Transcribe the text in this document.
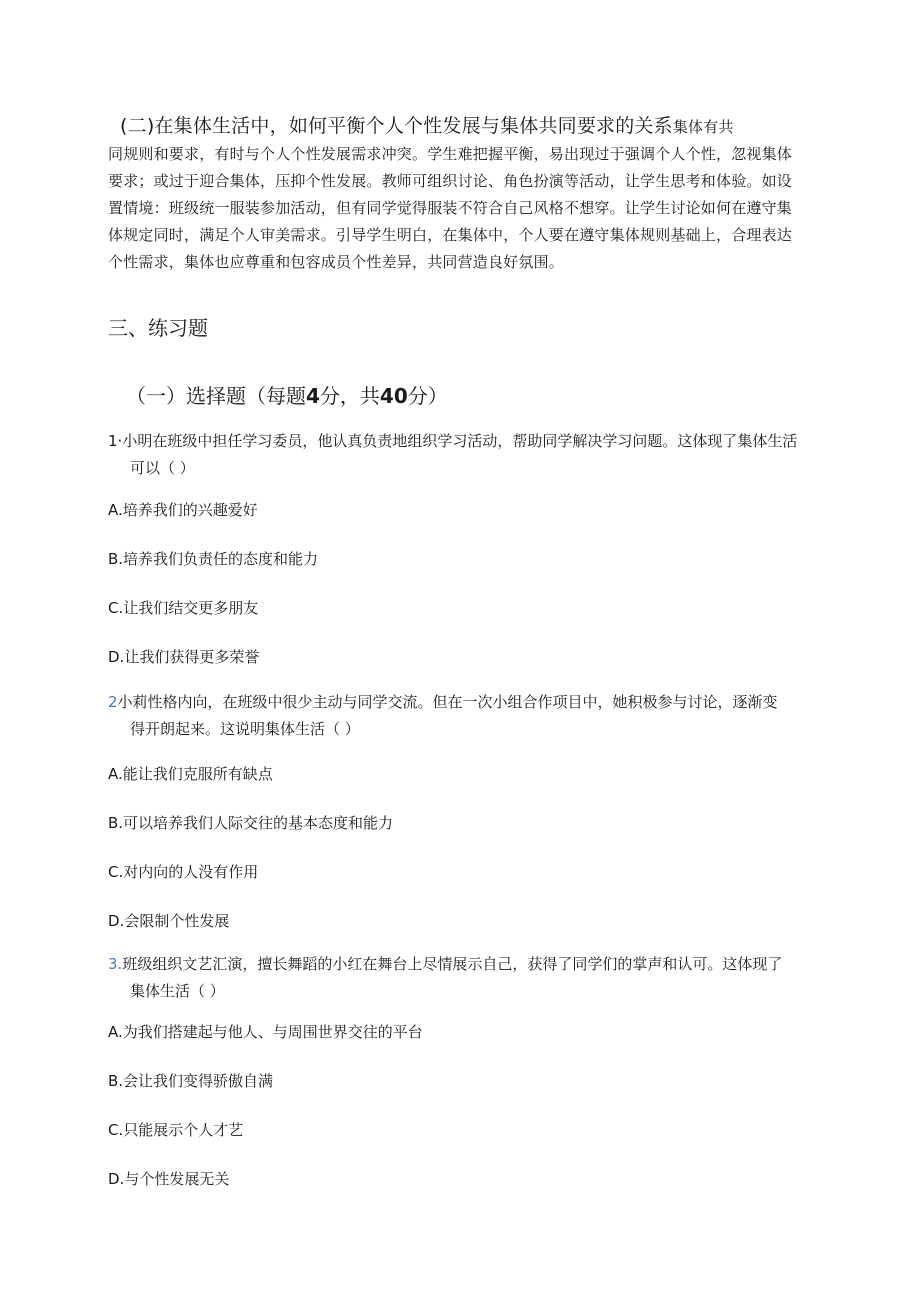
(二)在集体生活中，如何平衡个人个性发展与集体共同要求的关系集体有共
同规则和要求，有时与个人个性发展需求冲突。学生难把握平衡，易出现过于强调个人个性，忽视集体
要求；或过于迎合集体，压抑个性发展。教师可组织讨论、角色扮演等活动，让学生思考和体验。如设
置情境：班级统一服装参加活动，但有同学觉得服装不符合自己风格不想穿。让学生讨论如何在遵守集
体规定同时，满足个人审美需求。引导学生明白，在集体中，个人要在遵守集体规则基础上，合理表达
个性需求，集体也应尊重和包容成员个性差异，共同营造良好氛围。

三、练习题
（一）选择题（每题4分，共40分）

1·小明在班级中担任学习委员，他认真负责地组织学习活动，帮助同学解决学习问题。这体现了集体生活
可以（ ）

A.培养我们的兴趣爱好

B.培养我们负责任的态度和能力

C.让我们结交更多朋友

D.让我们获得更多荣誉

2小莉性格内向，在班级中很少主动与同学交流。但在一次小组合作项目中，她积极参与讨论，逐渐变
得开朗起来。这说明集体生活（ ）

A.能让我们克服所有缺点

B.可以培养我们人际交往的基本态度和能力

C.对内向的人没有作用

D.会限制个性发展

3.班级组织文艺汇演，擅长舞蹈的小红在舞台上尽情展示自己，获得了同学们的掌声和认可。这体现了
集体生活（ ）

A.为我们搭建起与他人、与周围世界交往的平台

B.会让我们变得骄傲自满

C.只能展示个人才艺

D.与个性发展无关
